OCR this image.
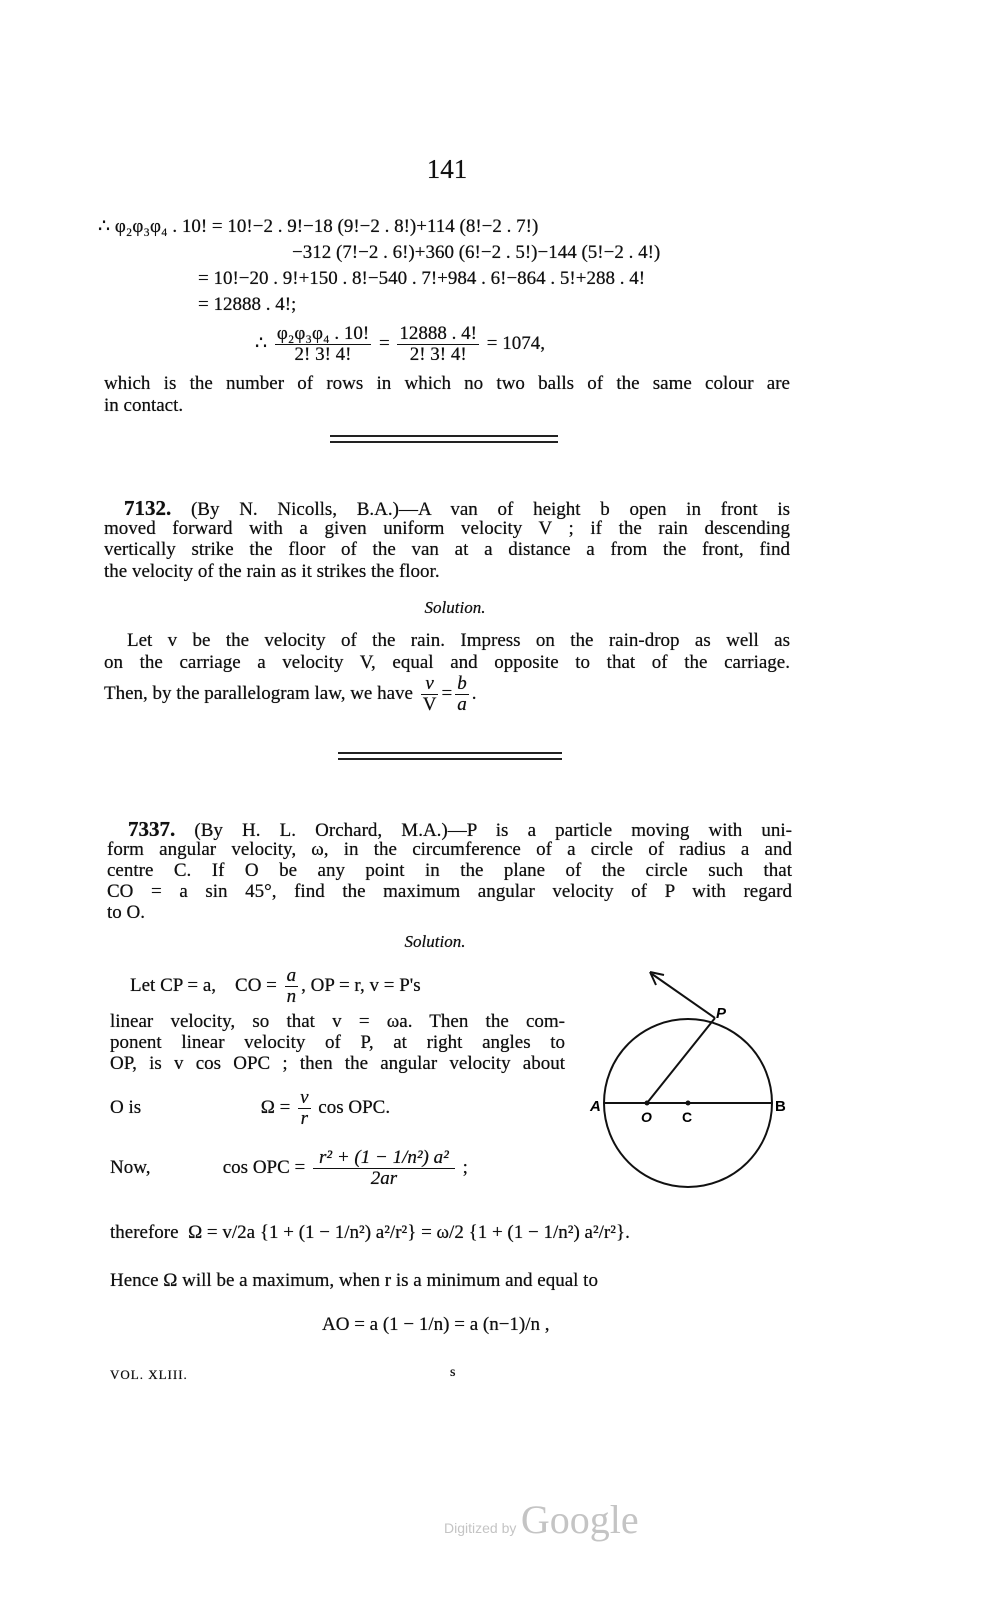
141
∴ φ₂φ₃φ₄ . 10! = 10!−2 . 9!−18 (9!−2 . 8!)+114 (8!−2 . 7!)
−312 (7!−2 . 6!)+360 (6!−2 . 5!)−144 (5!−2 . 4!)
= 10!−20 . 9!+150 . 8!−540 . 7!+984 . 6!−864 . 5!+288 . 4!
= 12888 . 4!;
∴ $\frac{\text{φ₂φ₃φ₄ . 10!}}{2! 3! 4!} = \frac{12888 . 4!}{2! 3! 4!} = 1074$,
which is the number of rows in which no two balls of the same colour are
in contact.
7132. (By N. Nicolls, B.A.)—A van of height b open in front is
moved forward with a given uniform velocity V ; if the rain descending
vertically strike the floor of the van at a distance a from the front, find
the velocity of the rain as it strikes the floor.
Solution.
Let v be the velocity of the rain. Impress on the rain-drop as well as
on the carriage a velocity V, equal and opposite to that of the carriage.
Then, by the parallelogram law, we have $\frac{v}{V} = \frac{b}{a}$ .
7337. (By H. L. Orchard, M.A.)—P is a particle moving with uni-
form angular velocity, ω, in the circumference of a circle of radius a and
centre C. If O be any point in the plane of the circle such that
CO = a sin 45°, find the maximum angular velocity of P with regard
to O.
Solution.
Let CP = a, CO = $\frac{a}{n}$ , OP = r, v = P's
linear velocity, so that v = ωa. Then the com-
ponent linear velocity of P, at right angles to
OP, is v cos OPC ; then the angular velocity about
O is	$\Omega = \frac{v}{r}$ cos OPC.
Now,	cos OPC = $\frac{\text{r² + (1 − 1/n²) a²}}{2ar}$ ;
therefore Ω = v/2a {1 + (1 − 1/n²) a²/r²} = ω/2 {1 + (1 − 1/n²) a²/r²}.
Hence Ω will be a maximum, when r is a minimum and equal to
AO = a (1 − 1/n) = a (n−1)/n ,
A	B
O C
P
VOL. XLIII.	s
Digitized by Google
